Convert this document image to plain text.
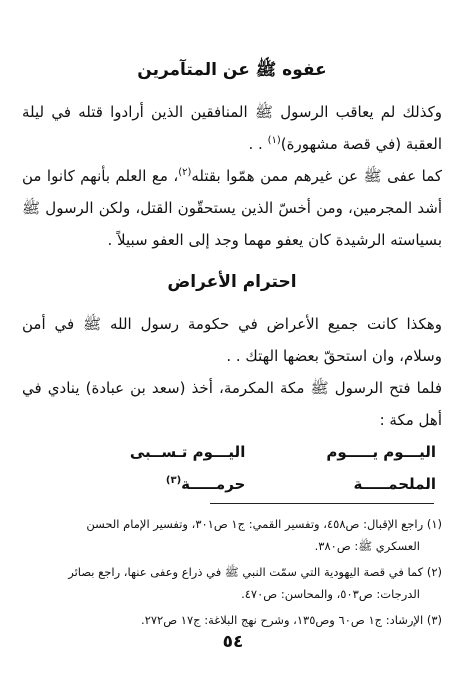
عفوه ﷺ عن المتآمرين

وكذلك لم يعاقب الرسول ﷺ المنافقين الذين أرادوا قتله في ليلة العقبة (في قصة مشهورة)$^{(١)}$ . .

كما عفى ﷺ عن غيرهم ممن همّوا بقتله$^{(٢)}$، مع العلم بأنهم كانوا من أشد المجرمين، ومن أخسّ الذين يستحقّون القتل، ولكن الرسول ﷺ بسياسته الرشيدة كان يعفو مهما وجد إلى العفو سبيلاً .

احترام الأعراض

وهكذا كانت جميع الأعراض في حكومة رسول الله ﷺ في أمن وسلام، وان استحقّ بعضها الهتك . .

فلما فتح الرسول ﷺ مكة المكرمة، أخذ (سعد بن عبادة) ينادي في أهل مكة :

اليـــوم يـــــوم الملحمـــــة
اليـــوم تـســبى حرمـــــة$^{(٣)}$
(١) راجع الإقبال: ص٤٥٨، وتفسير القمي: ج١ ص٣٠١، وتفسير الإمام الحسن
العسكري ﷺ: ص٣٨٠.
(٢) كما في قصة اليهودية التي سمّت النبي ﷺ في ذراع وعفى عنها، راجع بصائر
الدرجات: ص٥٠٣، والمحاسن: ص٤٧٠.
(٣) الإرشاد: ج١ ص٦٠ وص١٣٥، وشرح نهج البلاغة: ج١٧ ص٢٧٢.
٥٤
